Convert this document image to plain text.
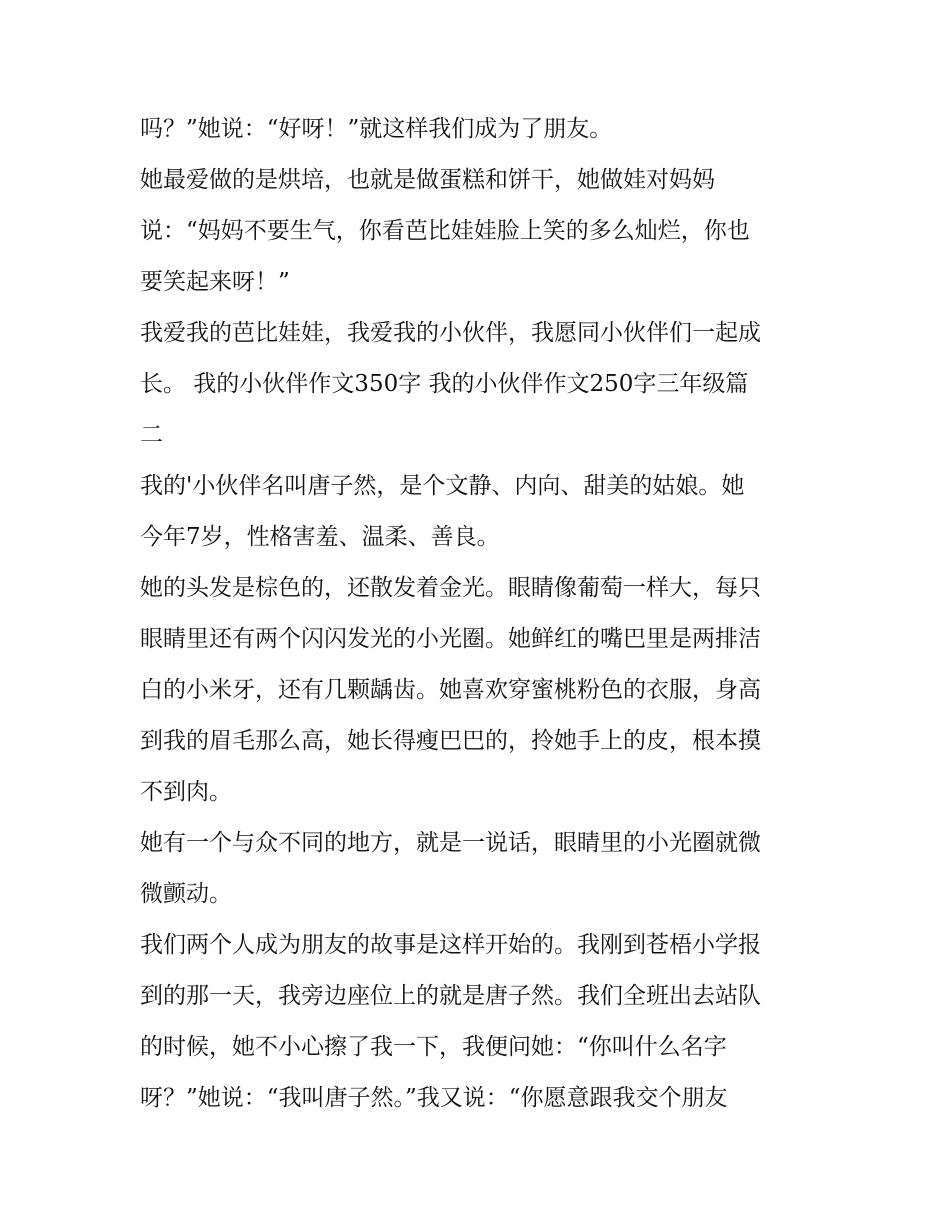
吗？”她说：“好呀！”就这样我们成为了朋友。
她最爱做的是烘培，也就是做蛋糕和饼干，她做娃对妈妈
说：“妈妈不要生气，你看芭比娃娃脸上笑的多么灿烂，你也
要笑起来呀！”
我爱我的芭比娃娃，我爱我的小伙伴，我愿同小伙伴们一起成
长。 我的小伙伴作文350字 我的小伙伴作文250字三年级篇
二
我的'小伙伴名叫唐子然，是个文静、内向、甜美的姑娘。她
今年7岁，性格害羞、温柔、善良。
她的头发是棕色的，还散发着金光。眼睛像葡萄一样大，每只
眼睛里还有两个闪闪发光的小光圈。她鲜红的嘴巴里是两排洁
白的小米牙，还有几颗龋齿。她喜欢穿蜜桃粉色的衣服，身高
到我的眉毛那么高，她长得瘦巴巴的，拎她手上的皮，根本摸
不到肉。
她有一个与众不同的地方，就是一说话，眼睛里的小光圈就微
微颤动。
我们两个人成为朋友的故事是这样开始的。我刚到苍梧小学报
到的那一天，我旁边座位上的就是唐子然。我们全班出去站队
的时候，她不小心擦了我一下，我便问她：“你叫什么名字
呀？”她说：“我叫唐子然。”我又说：“你愿意跟我交个朋友
